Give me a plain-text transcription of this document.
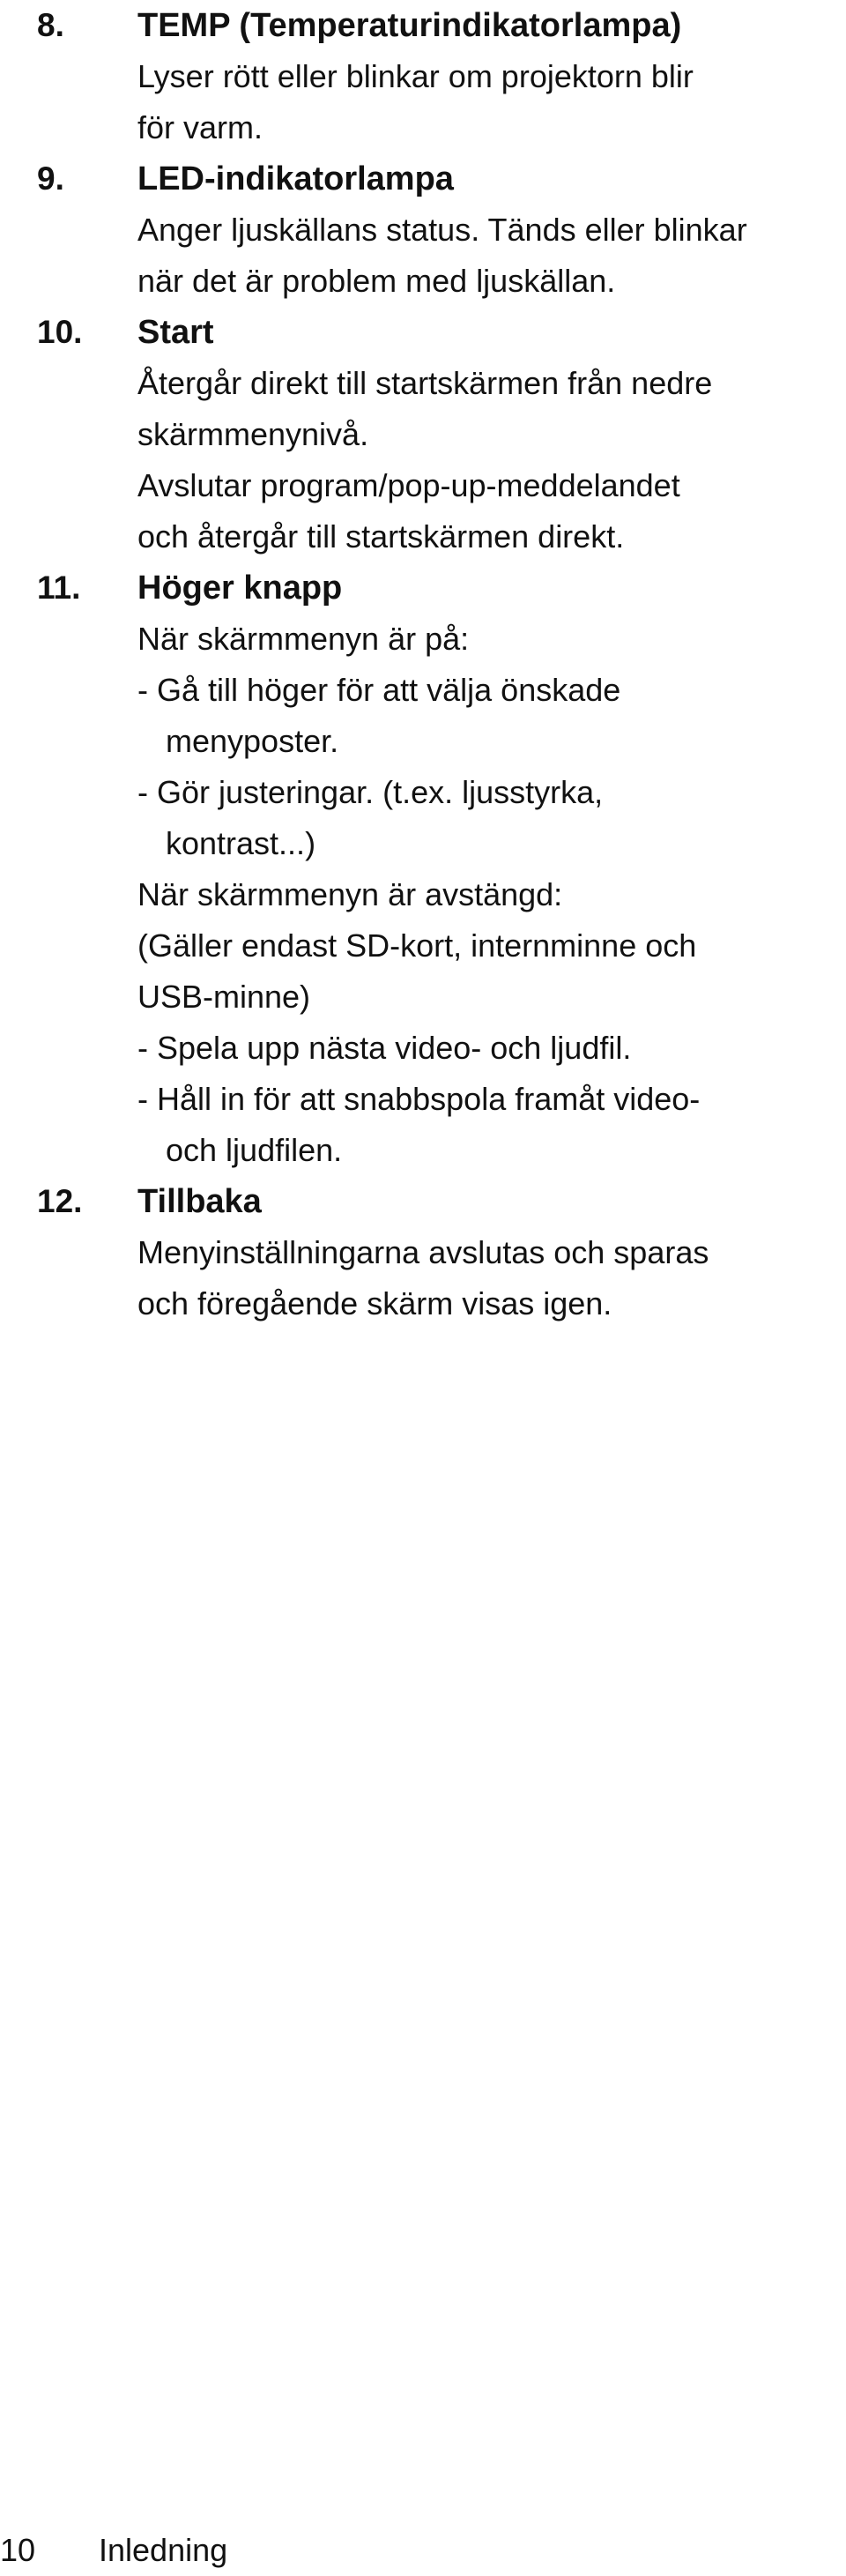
8. TEMP (Temperaturindikatorlampa)
Lyser rött eller blinkar om projektorn blir
för varm.
9. LED-indikatorlampa
Anger ljuskällans status. Tänds eller blinkar
när det är problem med ljuskällan.
10. Start
Återgår direkt till startskärmen från nedre
skärmmenynivå.
Avslutar program/pop-up-meddelandet
och återgår till startskärmen direkt.
11. Höger knapp
När skärmmenyn är på:
- Gå till höger för att välja önskade
menyposter.
- Gör justeringar. (t.ex. ljusstyrka,
kontrast...)
När skärmmenyn är avstängd:
(Gäller endast SD-kort, internminne och
USB-minne)
- Spela upp nästa video- och ljudfil.
- Håll in för att snabbspola framåt video-
och ljudfilen.
12. Tillbaka
Menyinställningarna avslutas och sparas
och föregående skärm visas igen.
10 Inledning
